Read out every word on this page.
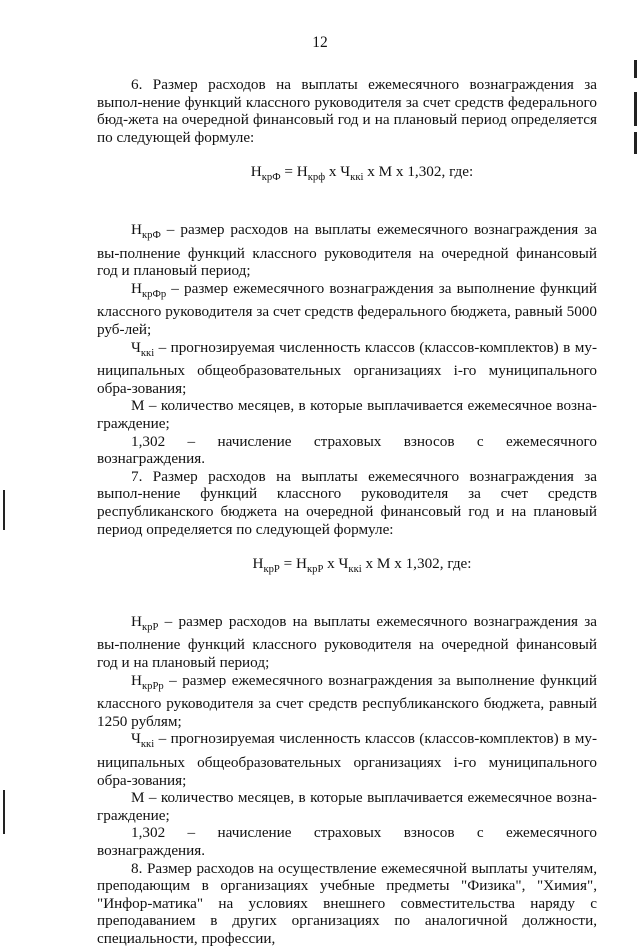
12

6. Размер расходов на выплаты ежемесячного вознаграждения за выпол-нение функций классного руководителя за счет средств федерального бюд-жета на очередной финансовый год и на плановый период определяется по следующей формуле:

$Н_{крФ} = Н_{крф}$ х $Ч_{ккі}$ х М х 1,302, где:

$Н_{крФ}$ – размер расходов на выплаты ежемесячного вознаграждения за вы-полнение функций классного руководителя на очередной финансовый год и плановый период;

$Н_{крФр}$ – размер ежемесячного вознаграждения за выполнение функций классного руководителя за счет средств федерального бюджета, равный 5000 руб-лей;

$Ч_{ккі}$ – прогнозируемая численность классов (классов-комплектов) в му-ниципальных общеобразовательных организациях і-го муниципального обра-зования;

М – количество месяцев, в которые выплачивается ежемесячное возна-граждение;

1,302 – начисление страховых взносов с ежемесячного вознаграждения.

7. Размер расходов на выплаты ежемесячного вознаграждения за выпол-нение функций классного руководителя за счет средств республиканского бюджета на очередной финансовый год и на плановый период определяется по следующей формуле:

$Н_{крР} = Н_{крР}$ х $Ч_{ккі}$ х М х 1,302, где:

$Н_{крР}$ – размер расходов на выплаты ежемесячного вознаграждения за вы-полнение функций классного руководителя на очередной финансовый год и на плановый период;

$Н_{крРр}$ – размер ежемесячного вознаграждения за выполнение функций классного руководителя за счет средств республиканского бюджета, равный 1250 рублям;

$Ч_{ккі}$ – прогнозируемая численность классов (классов-комплектов) в му-ниципальных общеобразовательных организациях і-го муниципального обра-зования;

М – количество месяцев, в которые выплачивается ежемесячное возна-граждение;

1,302 – начисление страховых взносов с ежемесячного вознаграждения.

8. Размер расходов на осуществление ежемесячной выплаты учителям, преподающим в организациях учебные предметы "Физика", "Химия", "Инфор-матика" на условиях внешнего совместительства наряду с преподаванием в других организациях по аналогичной должности, специальности, профессии,
